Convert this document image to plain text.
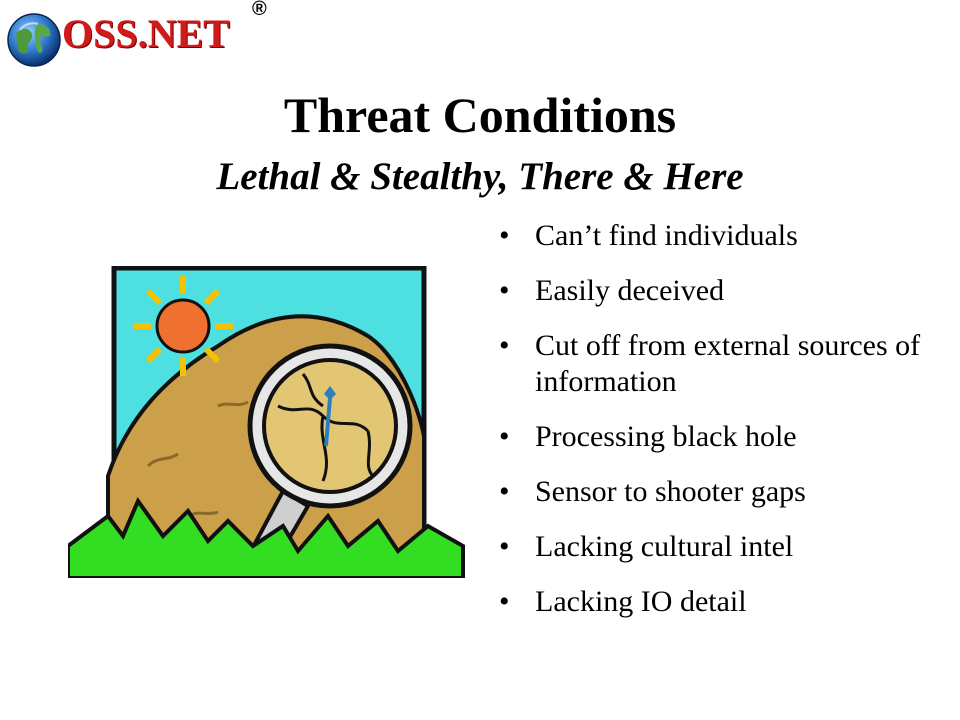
OSS.NET
®
Threat Conditions
Lethal & Stealthy, There & Here
• Can’t find individuals
• Easily deceived
• Cut off from external sources of information
• Processing black hole
• Sensor to shooter gaps
• Lacking cultural intel
• Lacking IO detail
